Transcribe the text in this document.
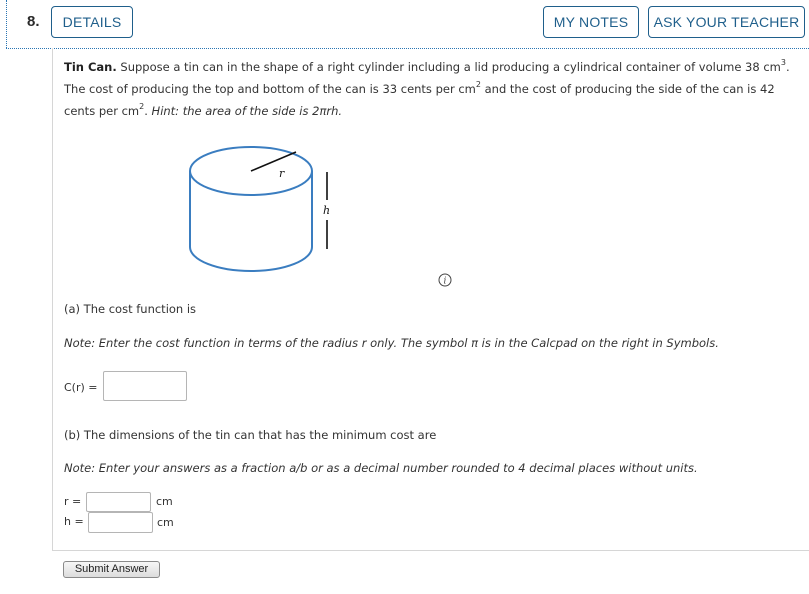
8.	DETAILS	MY NOTES	ASK YOUR TEACHER
Tin Can. Suppose a tin can in the shape of a right cylinder including a lid producing a cylindrical container of volume 38 $cm^3$. The cost of producing the top and bottom of the can is 33 cents per $cm^2$ and the cost of producing the side of the can is 42 cents per $cm^2$. Hint: the area of the side is 2πrh.
r
h
i
(a) The cost function is
Note: Enter the cost function in terms of the radius r only. The symbol π is in the Calcpad on the right in Symbols.
C(r) =
(b) The dimensions of the tin can that has the minimum cost are
Note: Enter your answers as a fraction a/b or as a decimal number rounded to 4 decimal places without units.
r =	cm
h =	cm
Submit Answer
